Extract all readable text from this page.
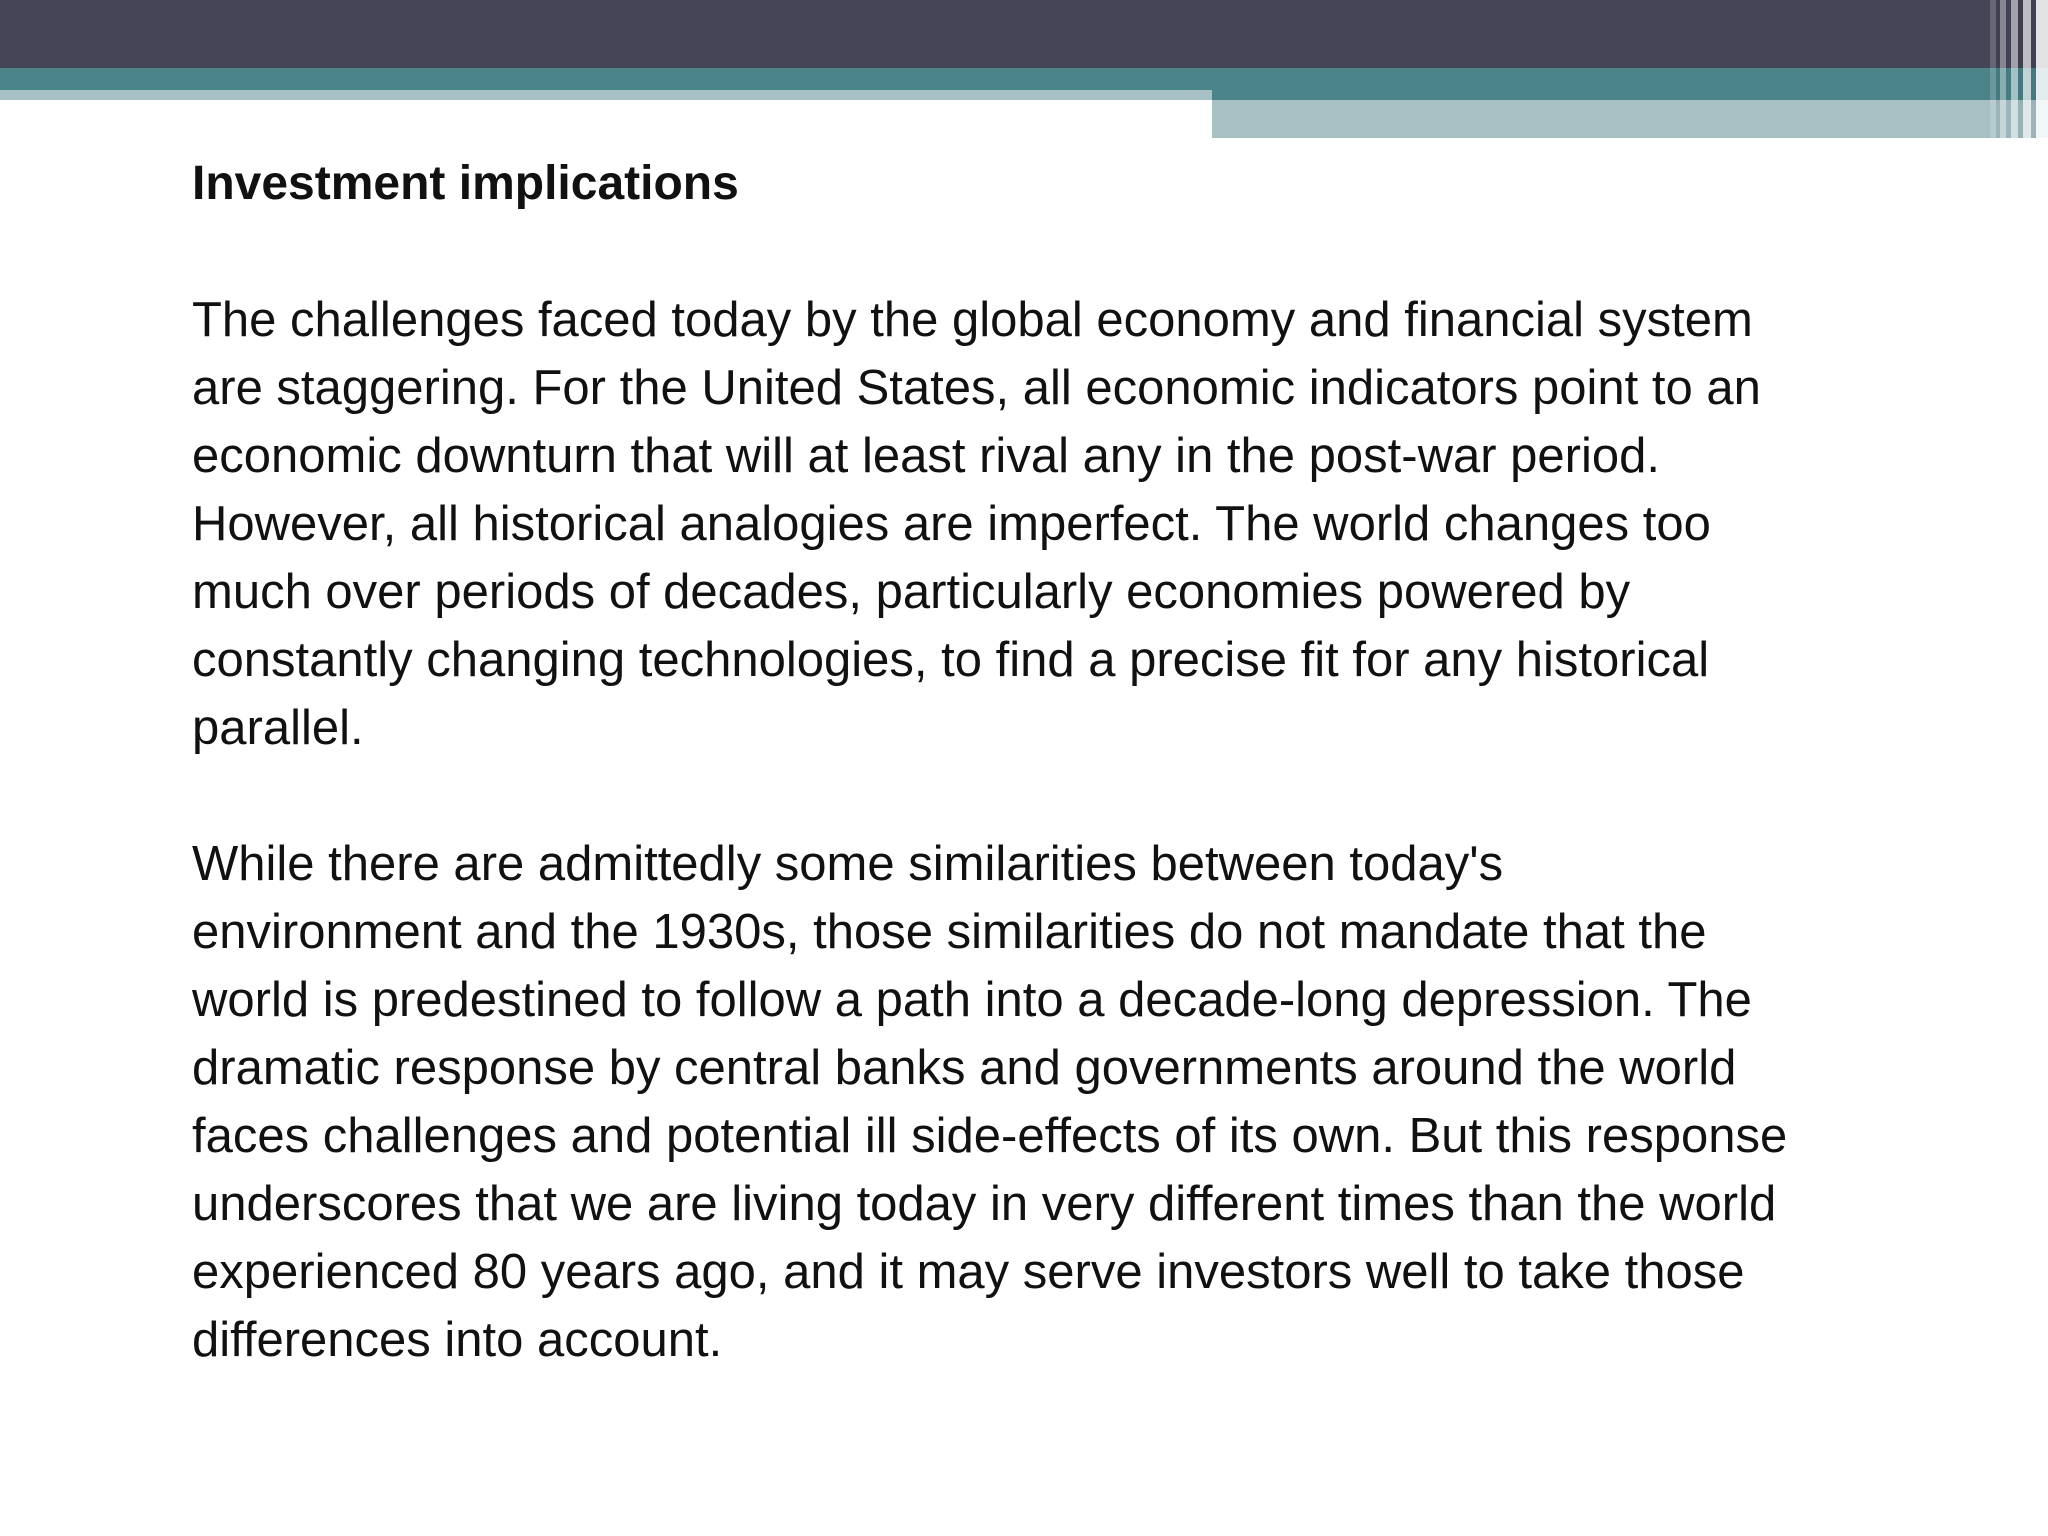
Investment implications

The challenges faced today by the global economy and financial system
are staggering. For the United States, all economic indicators point to an
economic downturn that will at least rival any in the post-war period.
However, all historical analogies are imperfect. The world changes too
much over periods of decades, particularly economies powered by
constantly changing technologies, to find a precise fit for any historical
parallel.

While there are admittedly some similarities between today's
environment and the 1930s, those similarities do not mandate that the
world is predestined to follow a path into a decade-long depression. The
dramatic response by central banks and governments around the world
faces challenges and potential ill side-effects of its own. But this response
underscores that we are living today in very different times than the world
experienced 80 years ago, and it may serve investors well to take those
differences into account.
